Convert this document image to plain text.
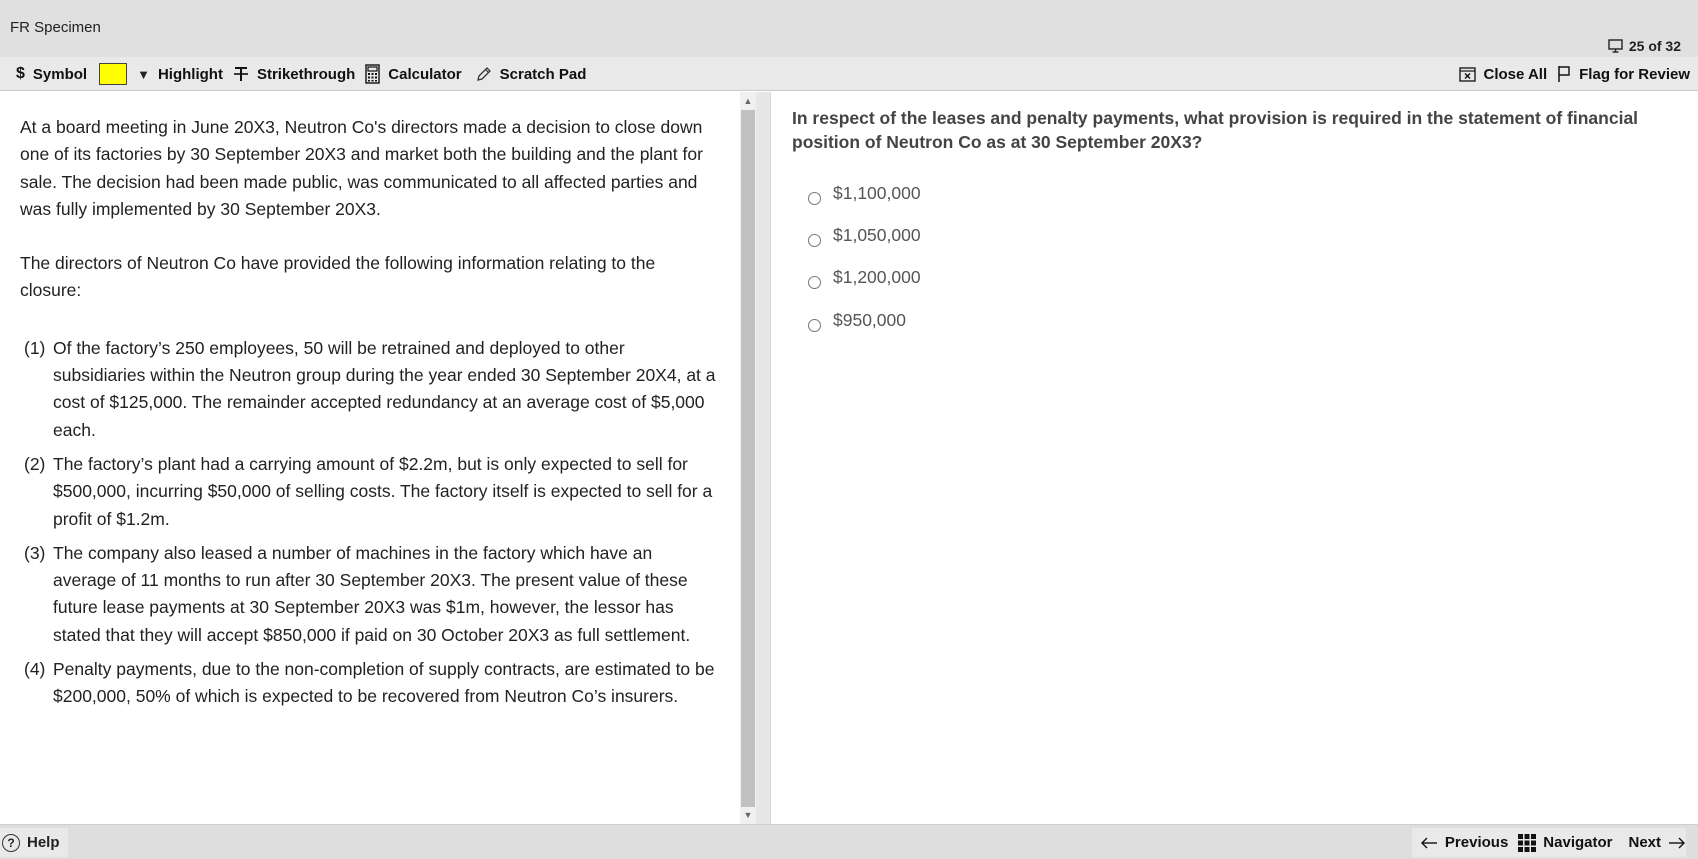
FR Specimen
25 of 32
$ Symbol	▼ Highlight Strikethrough Calculator	Scratch Pad	Close All Flag for Review

At a board meeting in June 20X3, Neutron Co's directors made a decision to close down one of its factories by 30 September 20X3 and market both the building and the plant for sale. The decision had been made public, was communicated to all affected parties and was fully implemented by 30 September 20X3.

The directors of Neutron Co have provided the following information relating to the closure:

(1) Of the factory’s 250 employees, 50 will be retrained and deployed to other subsidiaries within the Neutron group during the year ended 30 September 20X4, at a cost of $125,000. The remainder accepted redundancy at an average cost of $5,000 each.
(2) The factory’s plant had a carrying amount of $2.2m, but is only expected to sell for $500,000, incurring $50,000 of selling costs. The factory itself is expected to sell for a profit of $1.2m.
(3) The company also leased a number of machines in the factory which have an average of 11 months to run after 30 September 20X3. The present value of these future lease payments at 30 September 20X3 was $1m, however, the lessor has stated that they will accept $850,000 if paid on 30 October 20X3 as full settlement.
(4) Penalty payments, due to the non-completion of supply contracts, are estimated to be $200,000, 50% of which is expected to be recovered from Neutron Co’s insurers.
▲
▼
In respect of the leases and penalty payments, what provision is required in the statement of financial position of Neutron Co as at 30 September 20X3?
$1,100,000
$1,050,000
$1,200,000
$950,000
? Help	Previous Navigator Next
